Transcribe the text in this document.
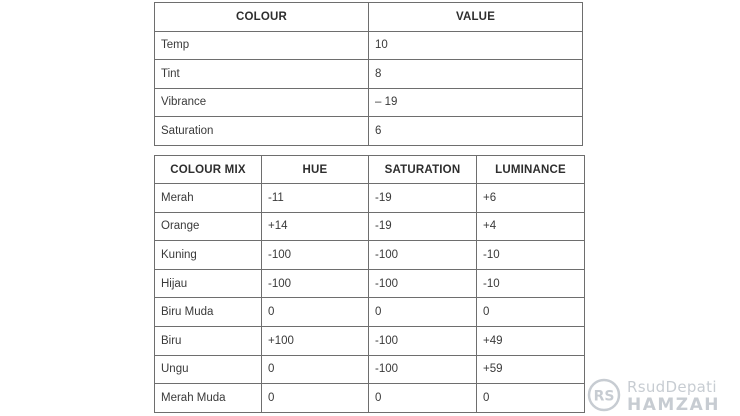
COLOUR	VALUE
Temp	10
Tint	8
Vibrance	– 19
Saturation	6
COLOUR MIX	HUE	SATURATION	LUMINANCE
Merah	-11	-19	+6
Orange	+14	-19	+4
Kuning	-100	-100	-10
Hijau	-100	-100	-10
Biru Muda	0	0	0
Biru	+100	-100	+49
Ungu	0	-100	+59
Merah Muda	0	0	0	RS
RsudDepati
HAMZAH
